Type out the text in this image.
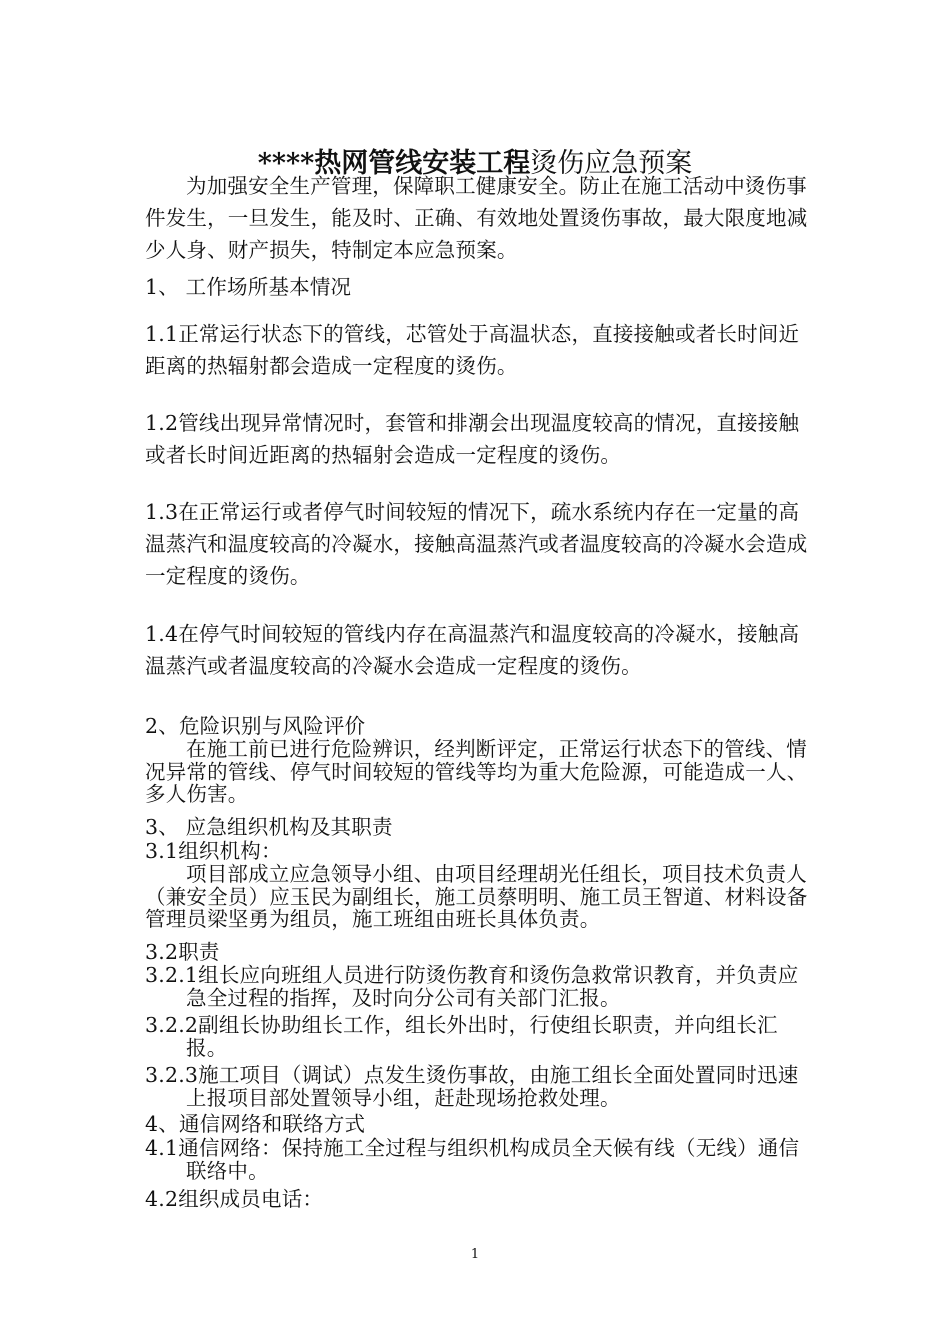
****热网管线安装工程烫伤应急预案

为加强安全生产管理，保障职工健康安全。防止在施工活动中烫伤事件发生，一旦发生，能及时、正确、有效地处置烫伤事故，最大限度地减少人身、财产损失，特制定本应急预案。

1、 工作场所基本情况

1.1正常运行状态下的管线，芯管处于高温状态，直接接触或者长时间近距离的热辐射都会造成一定程度的烫伤。

1.2管线出现异常情况时，套管和排潮会出现温度较高的情况，直接接触或者长时间近距离的热辐射会造成一定程度的烫伤。

1.3在正常运行或者停气时间较短的情况下，疏水系统内存在一定量的高温蒸汽和温度较高的冷凝水，接触高温蒸汽或者温度较高的冷凝水会造成一定程度的烫伤。

1.4在停气时间较短的管线内存在高温蒸汽和温度较高的冷凝水，接触高温蒸汽或者温度较高的冷凝水会造成一定程度的烫伤。

2、危险识别与风险评价

在施工前已进行危险辨识，经判断评定，正常运行状态下的管线、情况异常的管线、停气时间较短的管线等均为重大危险源，可能造成一人、多人伤害。

3、 应急组织机构及其职责

3.1组织机构：

项目部成立应急领导小组、由项目经理胡光任组长，项目技术负责人（兼安全员）应玉民为副组长，施工员蔡明明、施工员王智道、材料设备管理员梁坚勇为组员，施工班组由班长具体负责。

3.2职责

3.2.1组长应向班组人员进行防烫伤教育和烫伤急救常识教育，并负责应急全过程的指挥，及时向分公司有关部门汇报。

3.2.2副组长协助组长工作，组长外出时，行使组长职责，并向组长汇报。

3.2.3施工项目（调试）点发生烫伤事故，由施工组长全面处置同时迅速上报项目部处置领导小组，赶赴现场抢救处理。

4、通信网络和联络方式

4.1通信网络：保持施工全过程与组织机构成员全天候有线（无线）通信联络中。

4.2组织成员电话：

1
